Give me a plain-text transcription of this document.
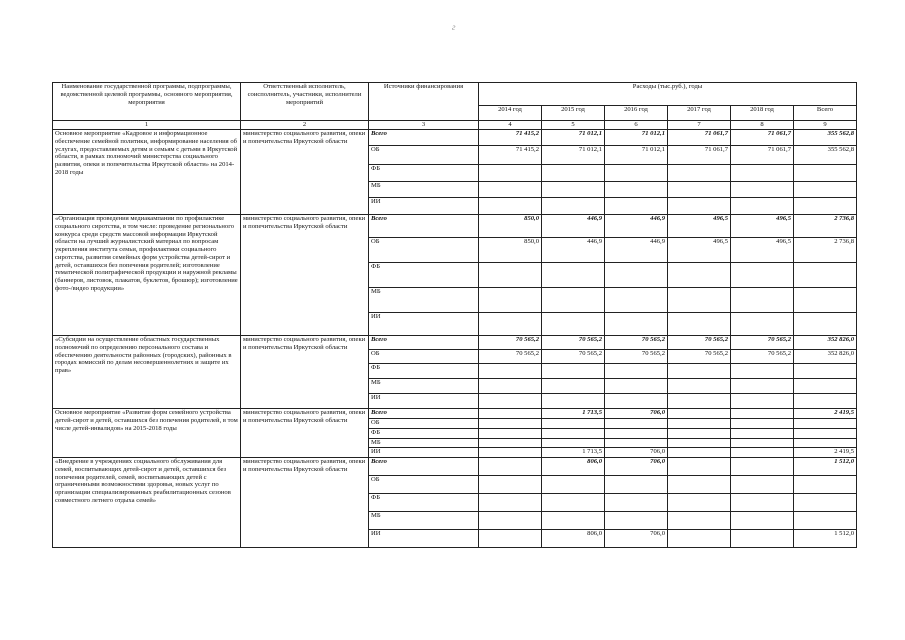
г
Наименование государственной программы, подпрограммы, ведомственной целевой программы, основного мероприятия, мероприятия	Ответственный исполнитель, соисполнитель, участники, исполнители мероприятий	Источники финансирования	Расходы (тыс.руб.), годы					
			2014 год	2015 год	2016 год	2017 год	2018 год	Всего
1	2	3	4	5	6	7	8	9
Основное мероприятие «Кадровое и информационное обеспечение семейной политики, информирование населения об услугах, предоставляемых детям и семьям с детьми в Иркутской области, в рамках полномочий министерства социального развития, опеки и попечительства Иркутской области» на 2014-2018 годы	министерство социального развития, опеки и попечительства Иркутской области	Всего	71 415,2	71 012,1	71 012,1	71 061,7	71 061,7	355 562,8
		ОБ	71 415,2	71 012,1	71 012,1	71 061,7	71 061,7	355 562,8
		ФБ						
		МБ						
		ИИ						
«Организация проведения медиакампании по профилактике социального сиротства, в том числе: проведение регионального конкурса среди средств массовой информации Иркутской области на лучший журналистский материал по вопросам укрепления института семьи, профилактики социального сиротства, развития семейных форм устройства детей-сирот и детей, оставшихся без попечения родителей; изготовление тематической полиграфической продукции и наружной рекламы (баннеров, листовок, плакатов, буклетов, брошюр); изготовление фото-/видео продукции»	министерство социального развития, опеки и попечительства Иркутской области	Всего	850,0	446,9	446,9	496,5	496,5	2 736,8
		ОБ	850,0	446,9	446,9	496,5	496,5	2 736,8
		ФБ						
		МБ						
		ИИ						
«Субсидии на осуществление областных государственных полномочий по определению персонального состава и обеспечению деятельности районных (городских), районных в городах комиссий по делам несовершеннолетних и защите их прав»	министерство социального развития, опеки и попечительства Иркутской области	Всего	70 565,2	70 565,2	70 565,2	70 565,2	70 565,2	352 826,0
		ОБ	70 565,2	70 565,2	70 565,2	70 565,2	70 565,2	352 826,0
		ФБ						
		МБ						
		ИИ						
Основное мероприятие «Развитие форм семейного устройства детей-сирот и детей, оставшихся без попечения родителей, в том числе детей-инвалидов» на 2015-2018 годы	министерство социального развития, опеки и попечительства Иркутской области	Всего		1 713,5	706,0			2 419,5
		ОБ						
		ФБ						
		МБ						
		ИИ		1 713,5	706,0			2 419,5
«Внедрение в учреждениях социального обслуживания для семей, воспитывающих детей-сирот и детей, оставшихся без попечения родителей, семей, воспитывающих детей с ограниченными возможностями здоровья, новых услуг по организации специализированных реабилитационных сезонов совместного летнего отдыха семей»	министерство социального развития, опеки и попечительства Иркутской области	Всего		806,0	706,0			1 512,0
		ОБ						
		ФБ						
		МБ						
		ИИ		806,0	706,0			1 512,0
